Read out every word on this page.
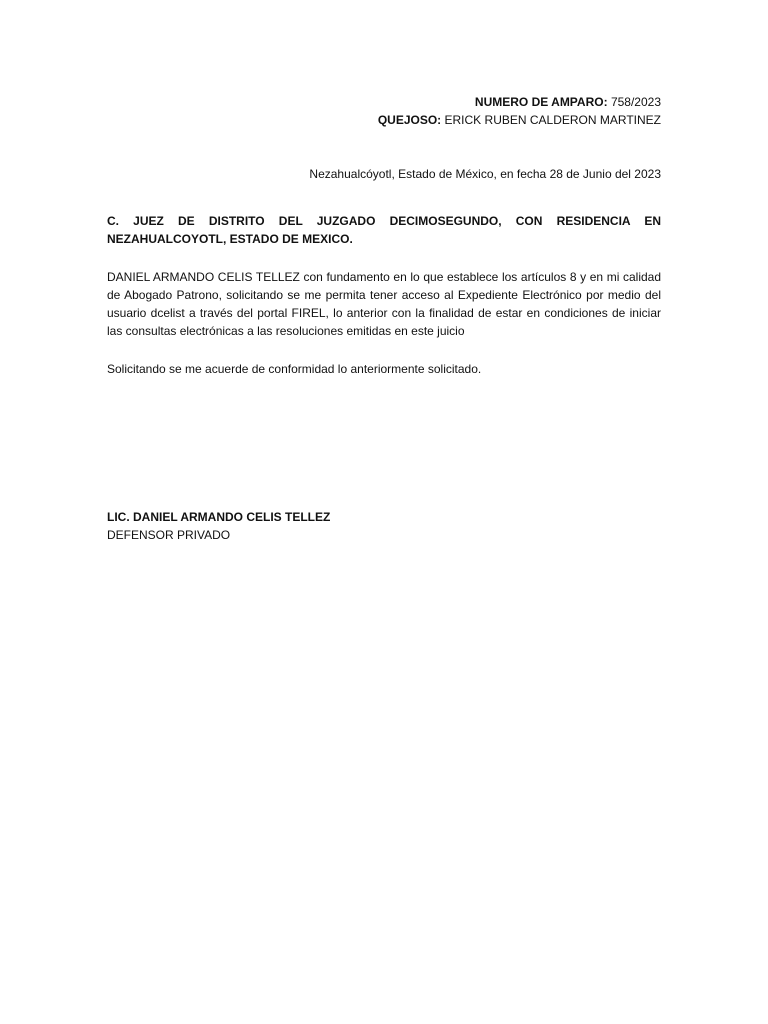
NUMERO DE AMPARO: 758/2023
QUEJOSO: ERICK RUBEN CALDERON MARTINEZ
Nezahualcóyotl, Estado de México, en fecha 28 de Junio del 2023
C. JUEZ DE DISTRITO DEL JUZGADO DECIMOSEGUNDO, CON RESIDENCIA EN NEZAHUALCOYOTL, ESTADO DE MEXICO.
DANIEL ARMANDO CELIS TELLEZ con fundamento en lo que establece los artículos 8 y en mi calidad de Abogado Patrono, solicitando se me permita tener acceso al Expediente Electrónico por medio del usuario dcelist a través del portal FIREL, lo anterior con la finalidad de estar en condiciones de iniciar las consultas electrónicas a las resoluciones emitidas en este juicio
Solicitando se me acuerde de conformidad lo anteriormente solicitado.
LIC. DANIEL ARMANDO CELIS TELLEZ
DEFENSOR PRIVADO
